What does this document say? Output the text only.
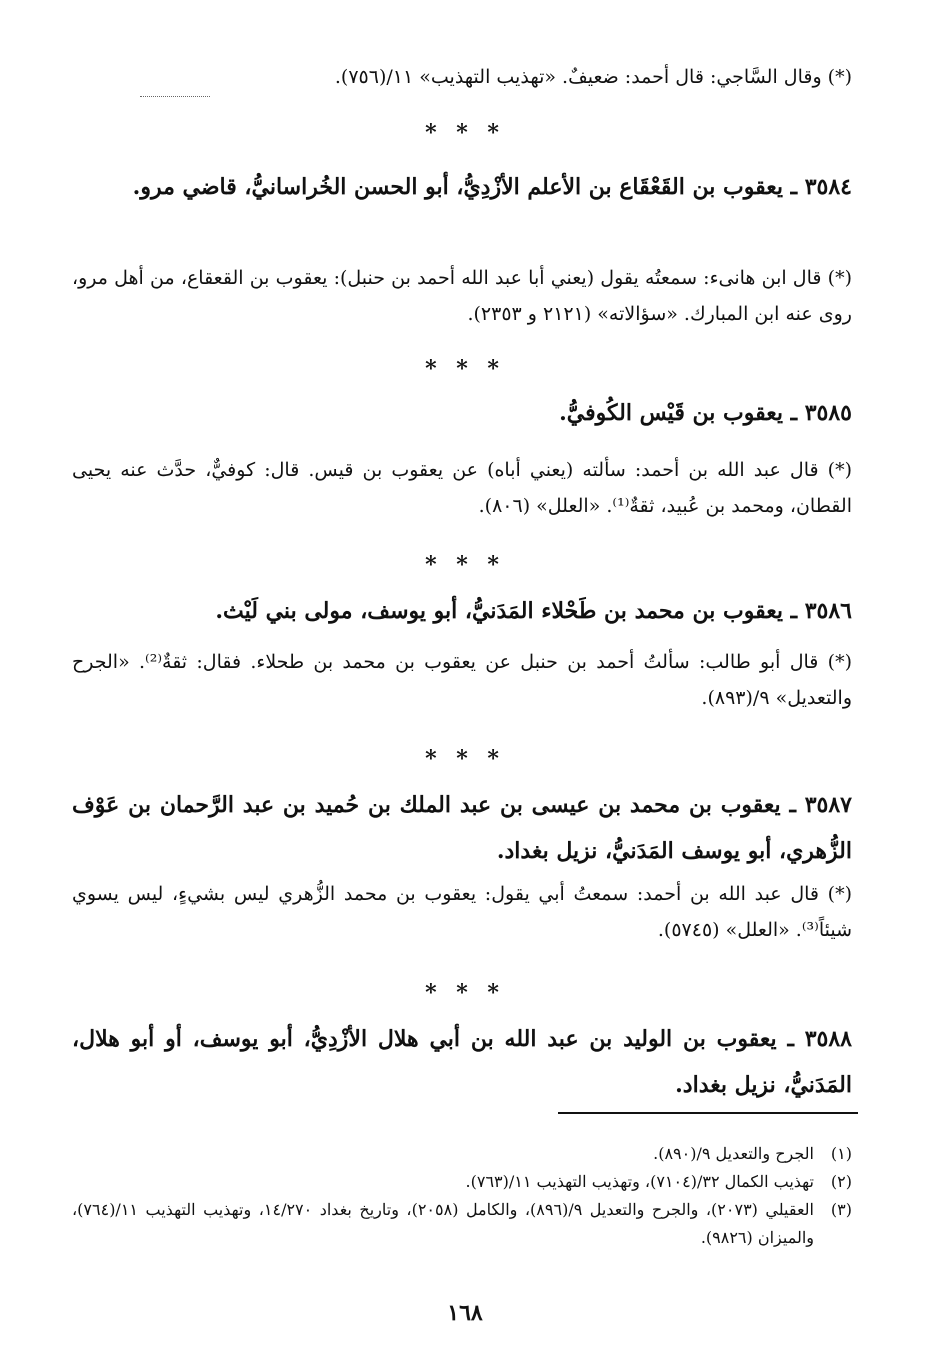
(*) وقال السَّاجي: قال أحمد: ضعيفٌ. «تهذيب التهذيب» ١١/(٧٥٦).
* * *
٣٥٨٤ ـ يعقوب بن القَعْقَاع بن الأعلم الأزْدِيُّ، أبو الحسن الخُراسانيُّ، قاضي مرو.
(*) قال ابن هانىء: سمعتُه يقول (يعني أبا عبد الله أحمد بن حنبل): يعقوب بن القعقاع، من أهل مرو، روى عنه ابن المبارك. «سؤالاته» (٢١٢١ و ٢٣٥٣).
* * *
٣٥٨٥ ـ يعقوب بن قَيْس الكُوفيُّ.
(*) قال عبد الله بن أحمد: سألته (يعني أباه) عن يعقوب بن قيس. قال: كوفيٌّ، حدَّث عنه يحيى القطان، ومحمد بن عُبيد، ثقةٌ⁽¹⁾. «العلل» (٨٠٦).
* * *
٣٥٨٦ ـ يعقوب بن محمد بن طَحْلاء المَدَنيُّ، أبو يوسف، مولى بني لَيْث.
(*) قال أبو طالب: سألتُ أحمد بن حنبل عن يعقوب بن محمد بن طحلاء. فقال: ثقةٌ⁽²⁾. «الجرح والتعديل» ٩/(٨٩٣).
* * *
٣٥٨٧ ـ يعقوب بن محمد بن عيسى بن عبد الملك بن حُميد بن عبد الرَّحمان بن عَوْف الزُّهري، أبو يوسف المَدَنيُّ، نزيل بغداد.
(*) قال عبد الله بن أحمد: سمعتُ أبي يقول: يعقوب بن محمد الزُّهري ليس بشيءٍ، ليس يسوي شيئاً⁽³⁾. «العلل» (٥٧٤٥).
* * *
٣٥٨٨ ـ يعقوب بن الوليد بن عبد الله بن أبي هلال الأزْدِيُّ، أبو يوسف، أو أبو هلال، المَدَنيُّ، نزيل بغداد.
(١)
الجرح والتعديل ٩/(٨٩٠).
(٢)
تهذيب الكمال ٣٢/(٧١٠٤)، وتهذيب التهذيب ١١/(٧٦٣).
(٣)
العقيلي (٢٠٧٣)، والجرح والتعديل ٩/(٨٩٦)، والكامل (٢٠٥٨)، وتاريخ بغداد ١٤/٢٧٠، وتهذيب التهذيب ١١/(٧٦٤)، والميزان (٩٨٢٦).
١٦٨
